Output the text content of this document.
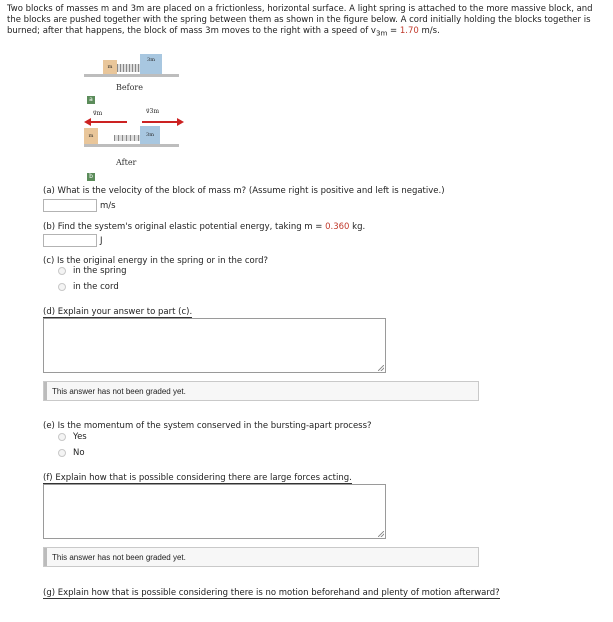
Two blocks of masses m and 3m are placed on a frictionless, horizontal surface. A light spring is attached to the more massive block, and the blocks are pushed together with the spring between them as shown in the figure below. A cord initially holding the blocks together is burned; after that happens, the block of mass 3m moves to the right with a speed of $v_{3m} = 1.70$ m/s.
m
3m
Before
a
v⃗m	v⃗3m
m	3m
After
b
(a) What is the velocity of the block of mass m? (Assume right is positive and left is negative.)
m/s
(b) Find the system's original elastic potential energy, taking m = 0.360 kg.
J
(c) Is the original energy in the spring or in the cord?
in the spring
in the cord
(d) Explain your answer to part (c).
This answer has not been graded yet.
(e) Is the momentum of the system conserved in the bursting-apart process?
Yes
No
(f) Explain how that is possible considering there are large forces acting.
This answer has not been graded yet.
(g) Explain how that is possible considering there is no motion beforehand and plenty of motion afterward?
